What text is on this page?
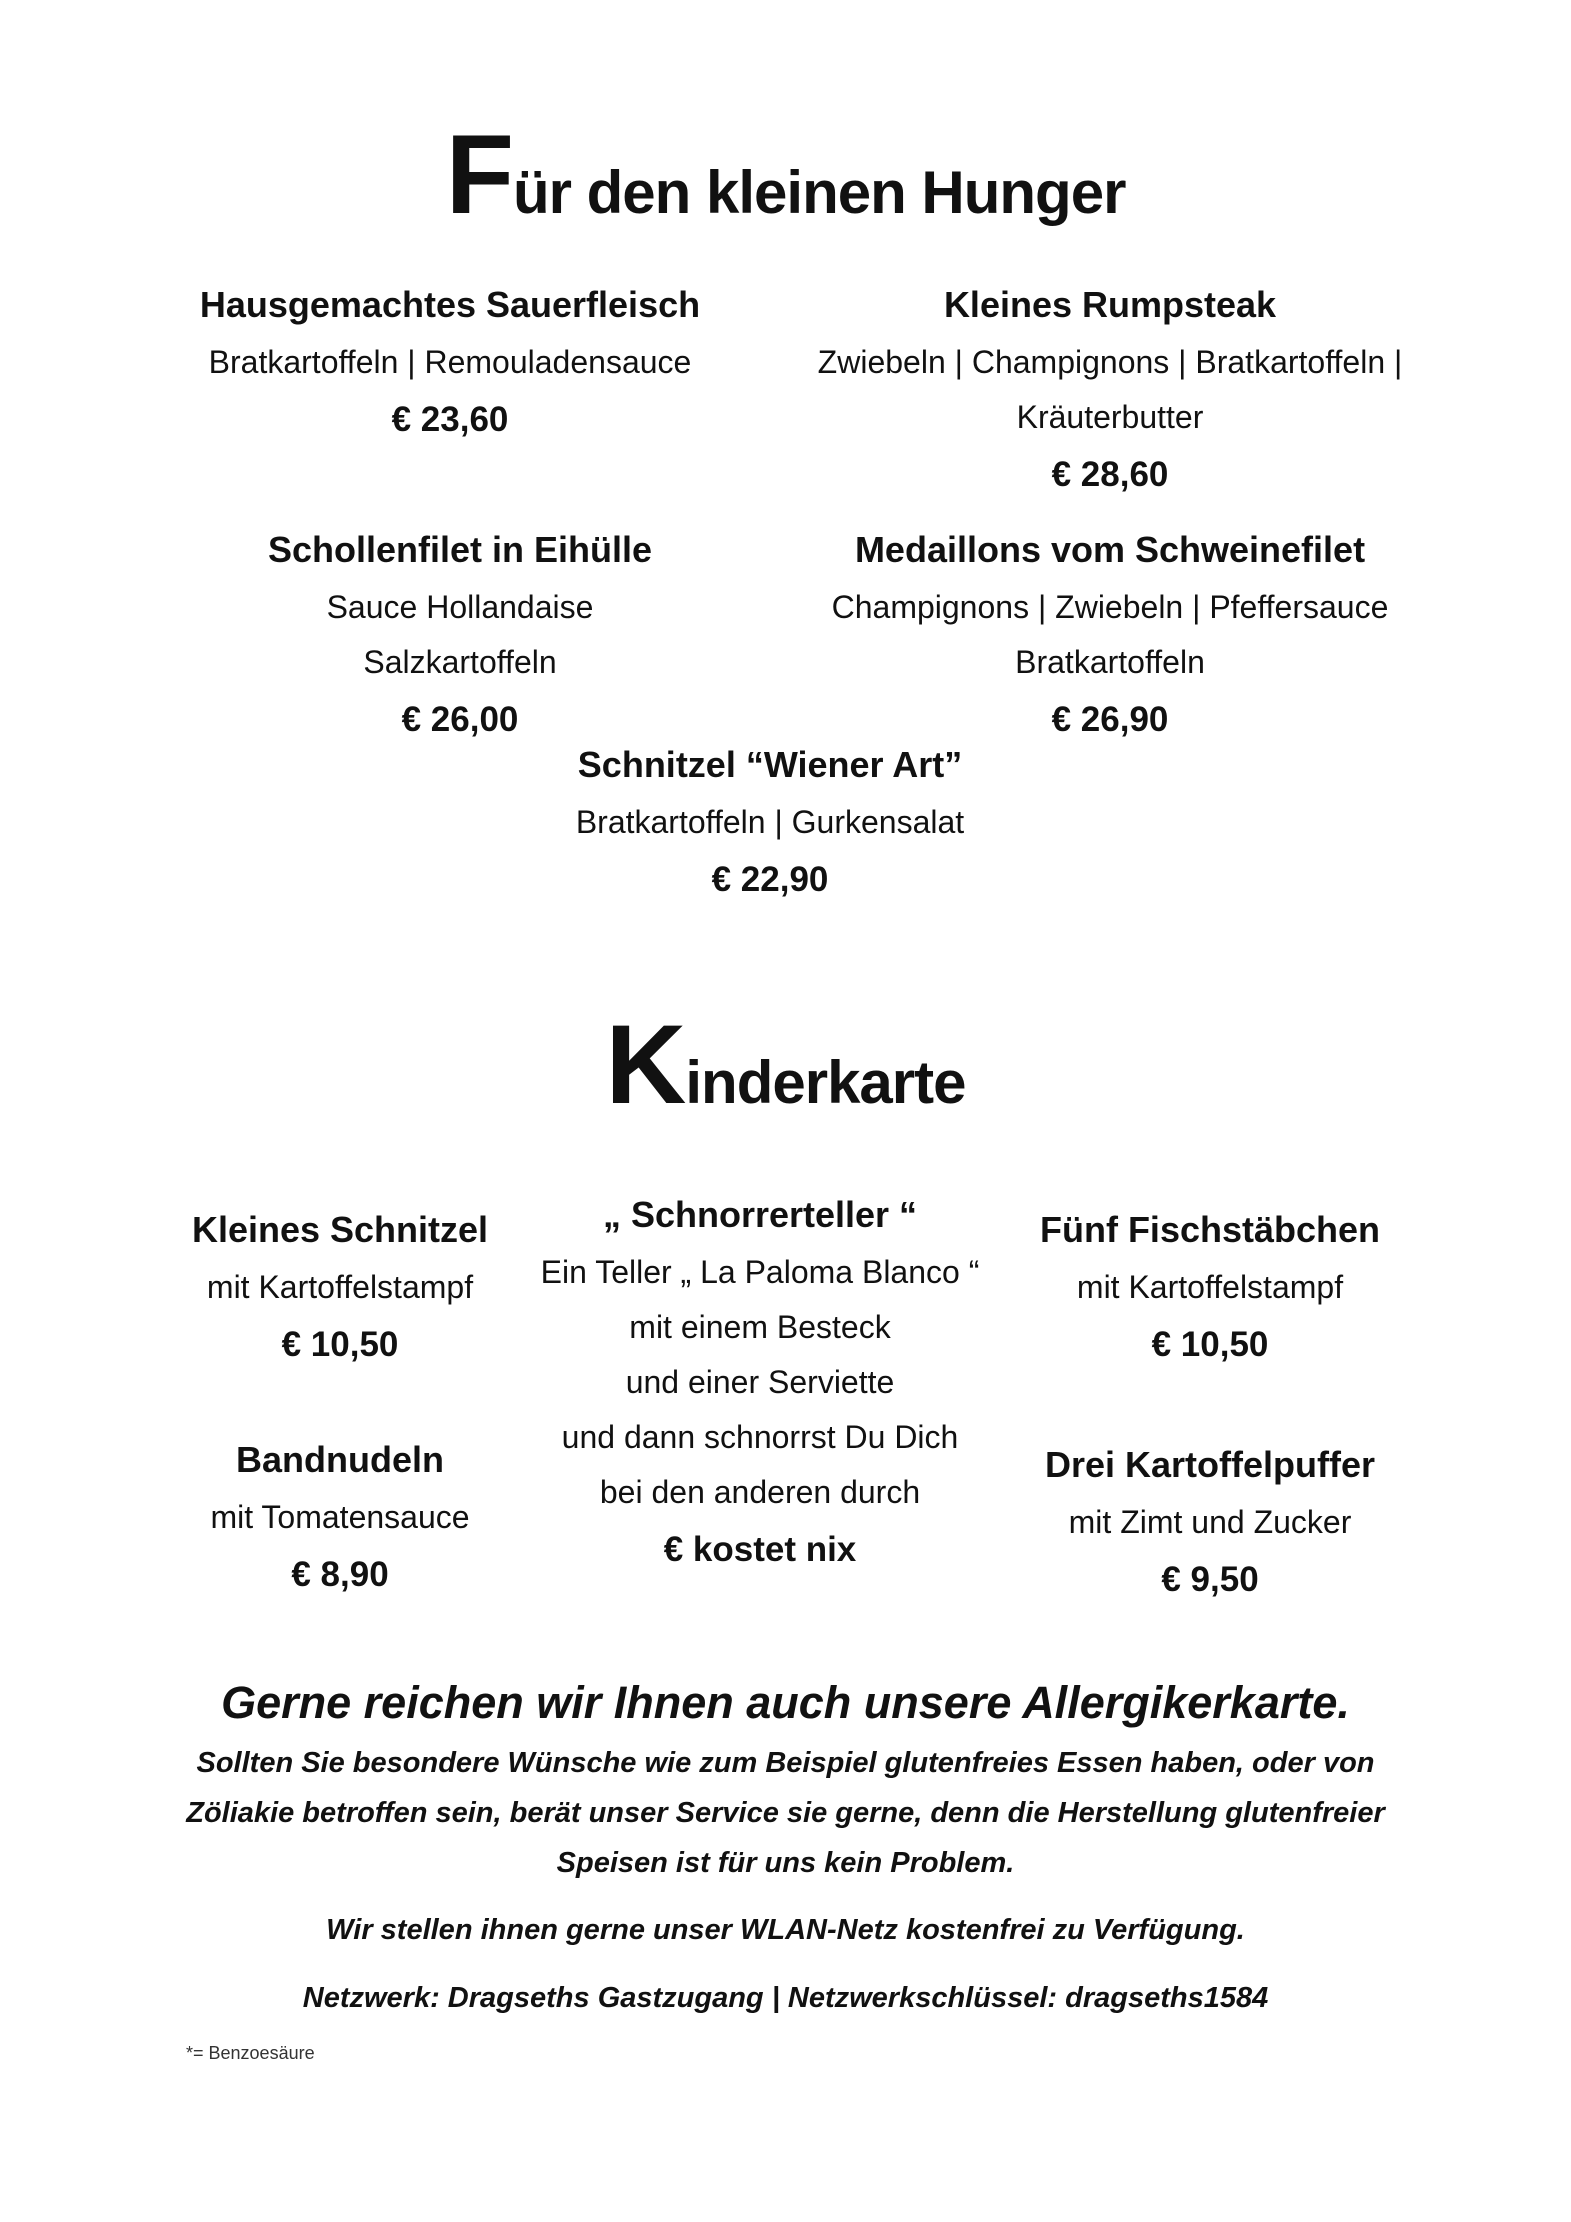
Für den kleinen Hunger
Hausgemachtes Sauerfleisch
Bratkartoffeln | Remouladensauce
€ 23,60
Kleines Rumpsteak
Zwiebeln | Champignons | Bratkartoffeln |
Kräuterbutter
€ 28,60
Schollenfilet in Eihülle
Sauce Hollandaise
Salzkartoffeln
€ 26,00
Medaillons vom Schweinefilet
Champignons | Zwiebeln | Pfeffersauce
Bratkartoffeln
€ 26,90
Schnitzel “Wiener Art”
Bratkartoffeln | Gurkensalat
€ 22,90
Kinderkarte
Kleines Schnitzel
mit Kartoffelstampf
€ 10,50
„ Schnorrerteller “
Ein Teller „ La Paloma Blanco “
mit einem Besteck
und einer Serviette
und dann schnorrst Du Dich
bei den anderen durch
€ kostet nix
Fünf Fischstäbchen
mit Kartoffelstampf
€ 10,50
Bandnudeln
mit Tomatensauce
€ 8,90
Drei Kartoffelpuffer
mit Zimt und Zucker
€ 9,50
Gerne reichen wir Ihnen auch unsere Allergikerkarte.
Sollten Sie besondere Wünsche wie zum Beispiel glutenfreies Essen haben, oder von
Zöliakie betroffen sein, berät unser Service sie gerne, denn die Herstellung glutenfreier
Speisen ist für uns kein Problem.
Wir stellen ihnen gerne unser WLAN-Netz kostenfrei zu Verfügung.
Netzwerk: Dragseths Gastzugang | Netzwerkschlüssel: dragseths1584
*= Benzoesäure
